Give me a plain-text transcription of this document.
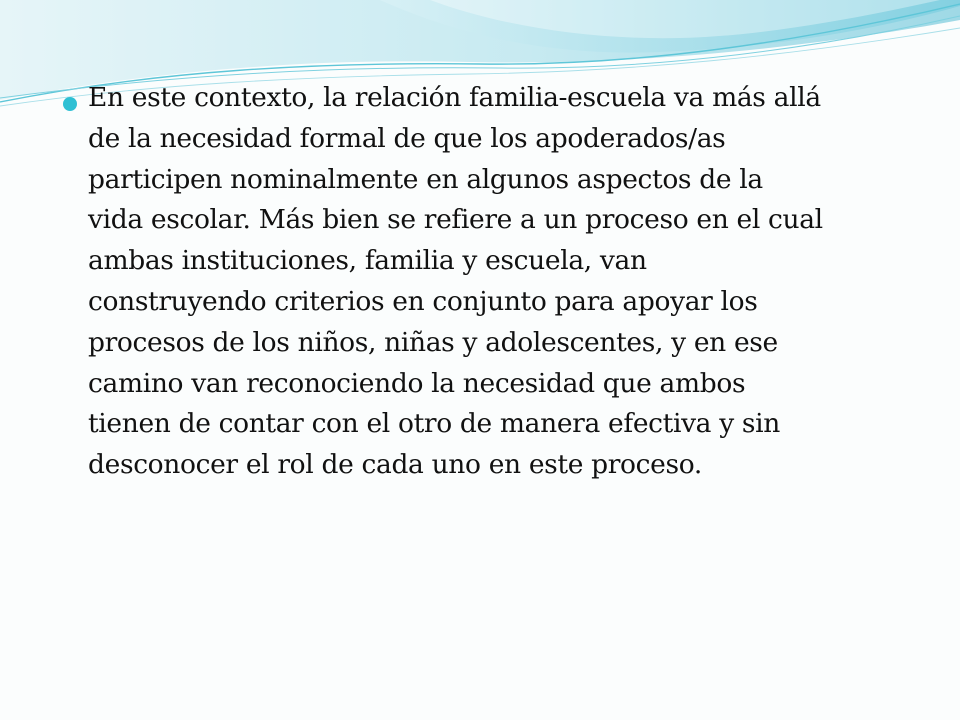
En este contexto, la relación familia-escuela va más allá
de la necesidad formal de que los apoderados/as
participen nominalmente en algunos aspectos de la
vida escolar. Más bien se refiere a un proceso en el cual
ambas instituciones, familia y escuela, van
construyendo criterios en conjunto para apoyar los
procesos de los niños, niñas y adolescentes, y en ese
camino van reconociendo la necesidad que ambos
tienen de contar con el otro de manera efectiva y sin
desconocer el rol de cada uno en este proceso.
